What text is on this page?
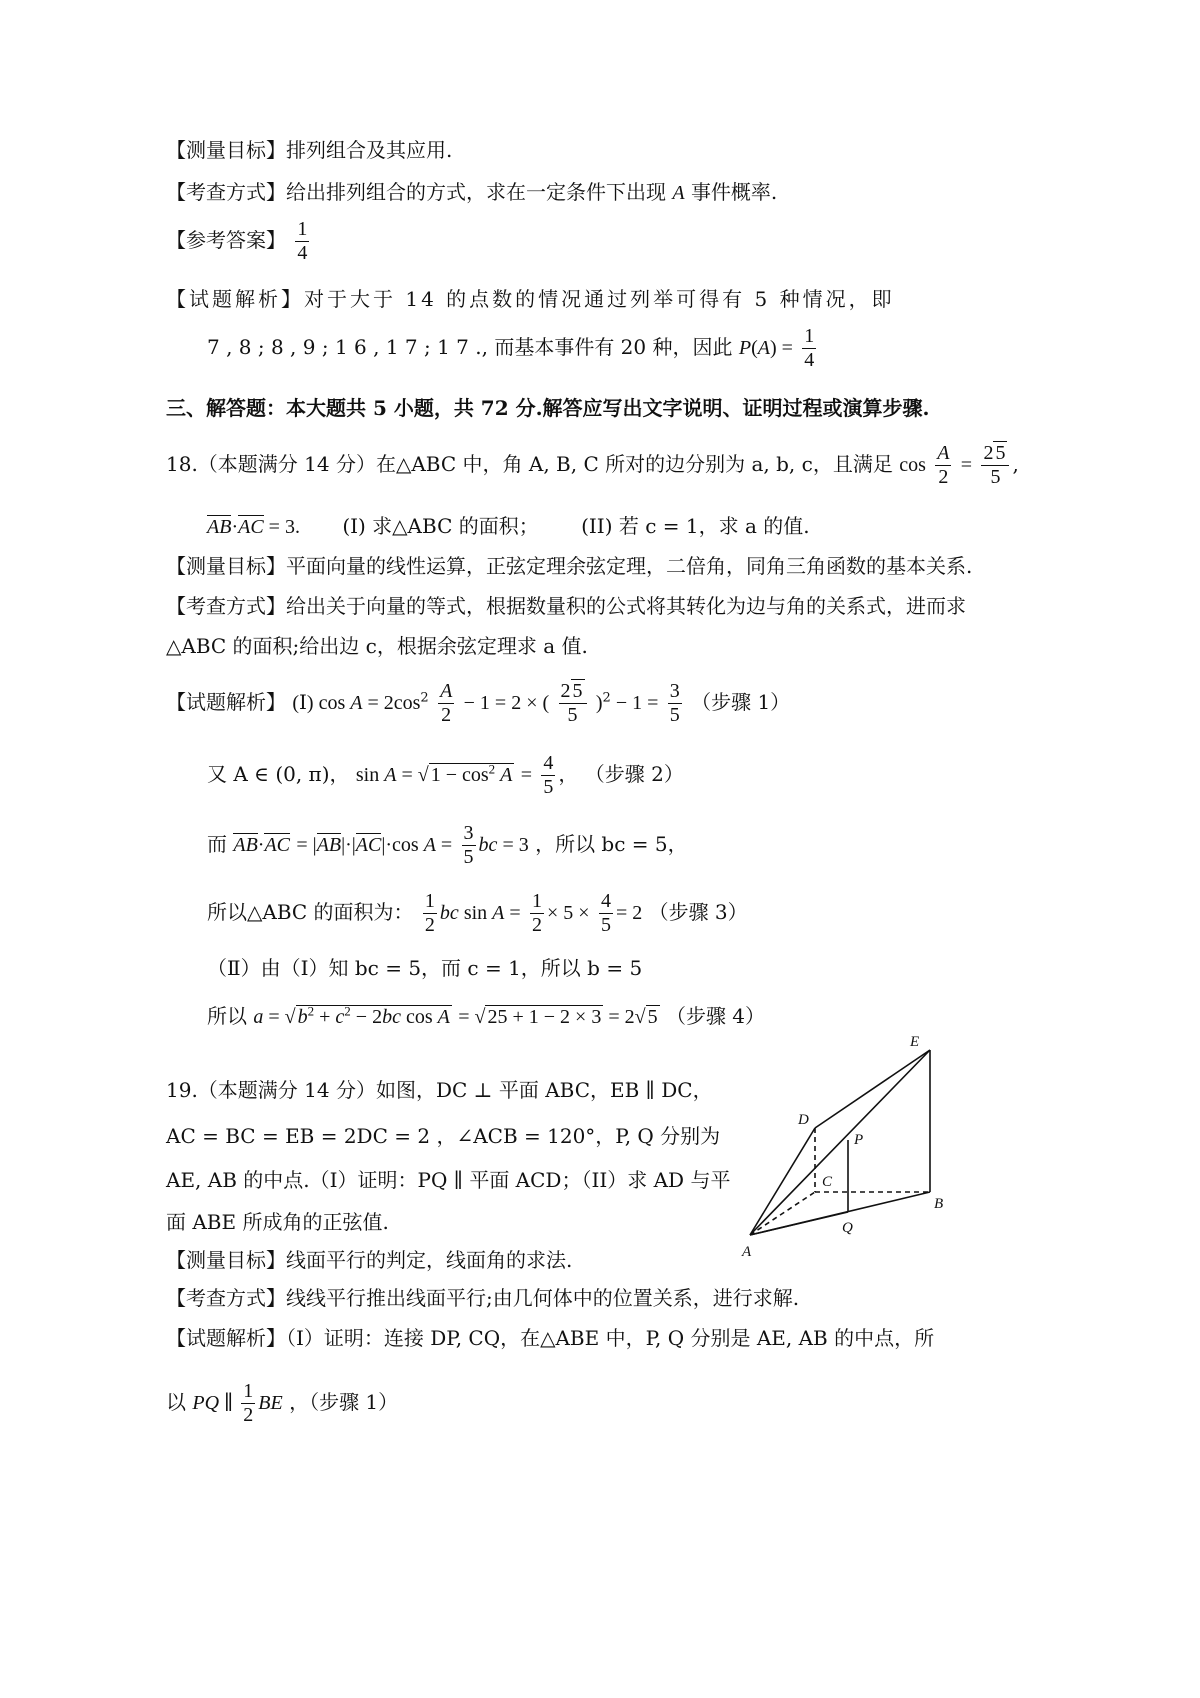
【测量目标】排列组合及其应用.
【考查方式】给出排列组合的方式，求在一定条件下出现 A 事件概率.
【参考答案】 $\frac{1}{4}$
【试题解析】对于大于 14 的点数的情况通过列举可得有 5 种情况，即
7 , 8 ; 8 , 9 ; 1 6 , 1 7 ; 1 7 ., 而基本事件有 20 种，因此 $P(A) = \frac{1}{4}$
三、解答题：本大题共 5 小题，共 72 分.解答应写出文字说明、证明过程或演算步骤.
18.（本题满分 14 分）在△ABC 中，角 A, B, C 所对的边分别为 a, b, c，且满足 $\cos \frac{A}{2} = \frac{2 5}{5}$ ,
AB·AC = 3. (I) 求△ABC 的面积； (II) 若 c = 1，求 a 的值.
【测量目标】平面向量的线性运算，正弦定理余弦定理，二倍角，同角三角函数的基本关系.
【考查方式】给出关于向量的等式，根据数量积的公式将其转化为边与角的关系式，进而求
△ABC 的面积;给出边 c，根据余弦定理求 a 值.
【试题解析】 (Ⅰ) $\cos A = 2\cos^2 \frac{A}{2} - 1 = 2$ × ( $\frac{2 5}{5} )^2 - 1 = \frac{3}{5}$ （步骤 1）
又 A ∈ (0, π)， sin A = √ $1 - \cos^2 A = \frac{4}{5}$ ， （步骤 2）
而 AB·AC = |AB|·|AC|·cos $A = \frac{3}{5}$ bc = 3 ，所以 bc = 5，
所以△ABC 的面积为： $\frac{1}{2}$ bc $\sin A = \frac{1}{2} \times 5 \times \frac{4}{5} = 2$ （步骤 3）
（Ⅱ）由（Ⅰ）知 bc = 5，而 c = 1，所以 b = 5
所以 a = √ $b^2 + c^2 - 2bc$ cos A = √ 25 + 1 − 2 × 3 = 2√ 5 （步骤 4）
19.（本题满分 14 分）如图，DC ⊥ 平面 ABC，EB ∥ DC，
AC = BC = EB = 2DC = 2 ，∠ACB = 120°，P, Q 分别为
AE, AB 的中点.（I）证明：PQ ∥ 平面 ACD；（II）求 AD 与平
面 ABE 所成角的正弦值.
【测量目标】线面平行的判定，线面角的求法.
【考查方式】线线平行推出线面平行;由几何体中的位置关系，进行求解.
【试题解析】（Ⅰ）证明：连接 DP, CQ，在△ABE 中，P, Q 分别是 AE, AB 的中点，所
以 PQ ∥ $\frac{1}{2}$ BE ，（步骤 1）
E
D
P
C
B
Q
A
